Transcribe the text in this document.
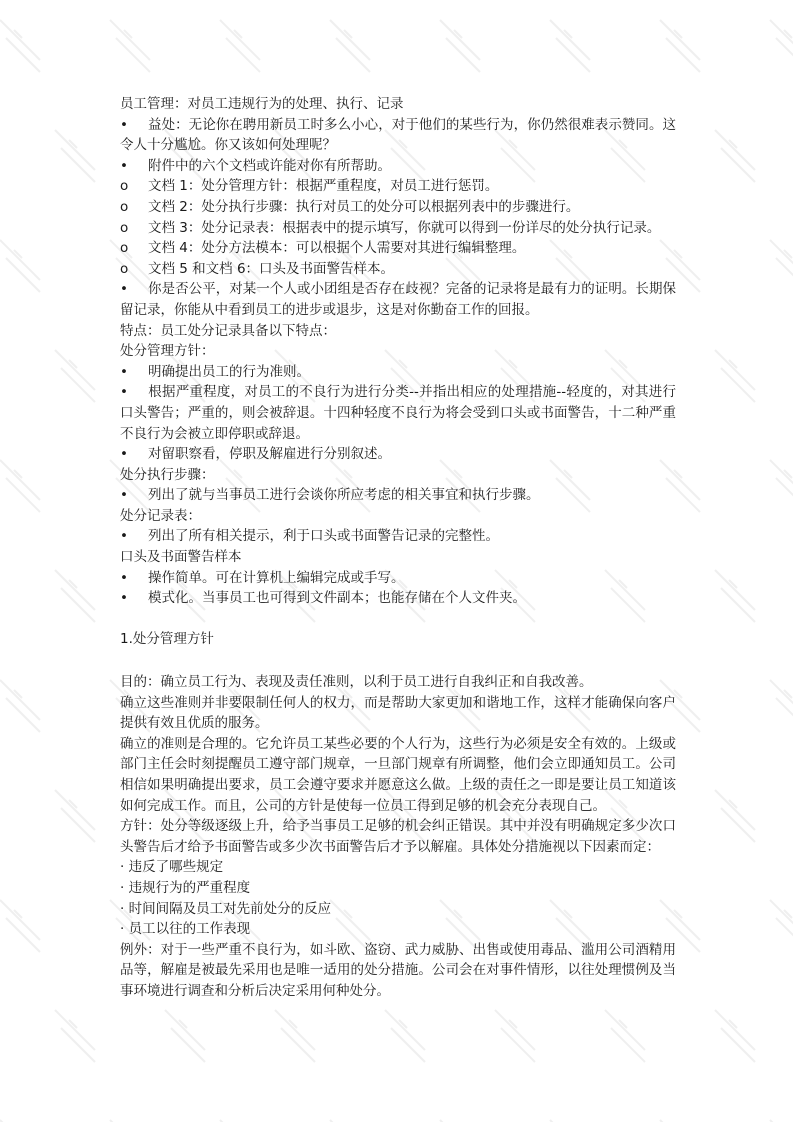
员工管理：对员工违规行为的处理、执行、记录

• 益处：无论你在聘用新员工时多么小心，对于他们的某些行为，你仍然很难表示赞同。这令人十分尴尬。你又该如何处理呢？

• 附件中的六个文档或许能对你有所帮助。

o 文档 1：处分管理方针：根据严重程度，对员工进行惩罚。

o 文档 2：处分执行步骤：执行对员工的处分可以根据列表中的步骤进行。

o 文档 3：处分记录表：根据表中的提示填写，你就可以得到一份详尽的处分执行记录。

o 文档 4：处分方法模本：可以根据个人需要对其进行编辑整理。

o 文档 5 和文档 6：口头及书面警告样本。

• 你是否公平，对某一个人或小团组是否存在歧视？完备的记录将是最有力的证明。长期保留记录，你能从中看到员工的进步或退步，这是对你勤奋工作的回报。

特点：员工处分记录具备以下特点：

处分管理方针：

• 明确提出员工的行为准则。

• 根据严重程度，对员工的不良行为进行分类--并指出相应的处理措施--轻度的，对其进行口头警告；严重的，则会被辞退。十四种轻度不良行为将会受到口头或书面警告，十二种严重不良行为会被立即停职或辞退。

• 对留职察看，停职及解雇进行分别叙述。

处分执行步骤：

• 列出了就与当事员工进行会谈你所应考虑的相关事宜和执行步骤。

处分记录表：

• 列出了所有相关提示，利于口头或书面警告记录的完整性。

口头及书面警告样本

• 操作简单。可在计算机上编辑完成或手写。

• 模式化。当事员工也可得到文件副本；也能存储在个人文件夹。

1.处分管理方针

目的：确立员工行为、表现及责任准则，以利于员工进行自我纠正和自我改善。

确立这些准则并非要限制任何人的权力，而是帮助大家更加和谐地工作，这样才能确保向客户提供有效且优质的服务。

确立的准则是合理的。它允许员工某些必要的个人行为，这些行为必须是安全有效的。上级或部门主任会时刻提醒员工遵守部门规章，一旦部门规章有所调整，他们会立即通知员工。公司相信如果明确提出要求，员工会遵守要求并愿意这么做。上级的责任之一即是要让员工知道该如何完成工作。而且，公司的方针是使每一位员工得到足够的机会充分表现自己。

方针：处分等级逐级上升，给予当事员工足够的机会纠正错误。其中并没有明确规定多少次口头警告后才给予书面警告或多少次书面警告后才予以解雇。具体处分措施视以下因素而定：

· 违反了哪些规定

· 违规行为的严重程度

· 时间间隔及员工对先前处分的反应

· 员工以往的工作表现

例外：对于一些严重不良行为，如斗欧、盗窃、武力威胁、出售或使用毒品、滥用公司酒精用品等，解雇是被最先采用也是唯一适用的处分措施。公司会在对事件情形，以往处理惯例及当事环境进行调查和分析后决定采用何种处分。
